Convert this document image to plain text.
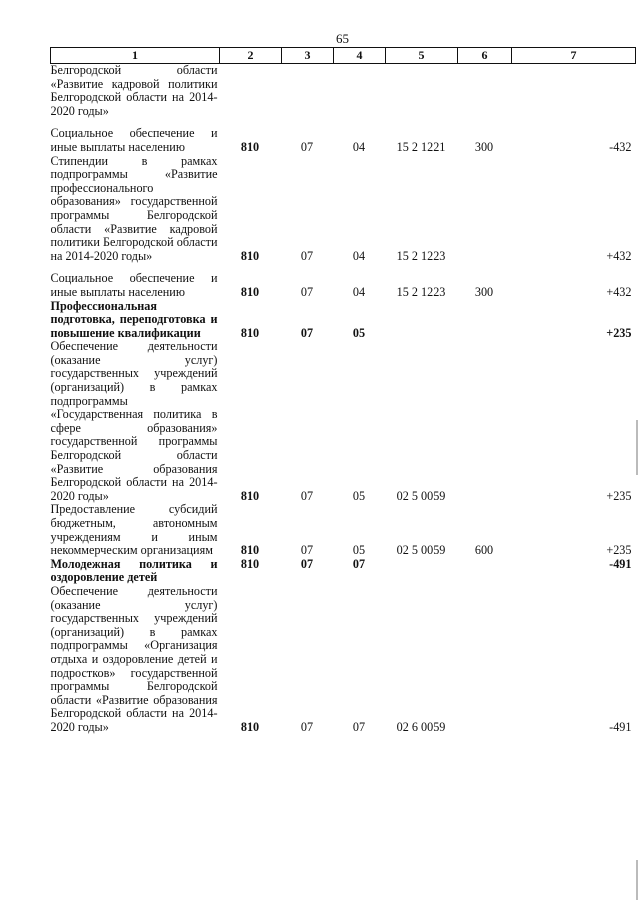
65
1	2	3	4	5	6	7
Белгородской области «Развитие кадровой политики Белгородской области на 2014-2020 годы»						

Социальное обеспечение и иные выплаты населению	810	07	04	15 2 1221	300	-432
Стипендии в рамках подпрограммы «Развитие профессионального образования» государственной программы Белгородской области «Развитие кадровой политики Белгородской области на 2014-2020 годы»	810	07	04	15 2 1223		+432

Социальное обеспечение и иные выплаты населению	810	07	04	15 2 1223	300	+432
Профессиональная подготовка, переподготовка и повышение квалификации	810	07	05			+235
Обеспечение деятельности (оказание услуг) государственных учреждений (организаций) в рамках подпрограммы «Государственная политика в сфере образования» государственной программы Белгородской области «Развитие образования Белгородской области на 2014-2020 годы»	810	07	05	02 5 0059		+235
Предоставление субсидий бюджетным, автономным учреждениям и иным некоммерческим организациям	810	07	05	02 5 0059	600	+235
Молодежная политика и оздоровление детей	810	07	07			-491
Обеспечение деятельности (оказание услуг) государственных учреждений (организаций) в рамках подпрограммы «Организация отдыха и оздоровление детей и подростков» государственной программы Белгородской области «Развитие образования Белгородской области на 2014-2020 годы»	810	07	07	02 6 0059		-491
